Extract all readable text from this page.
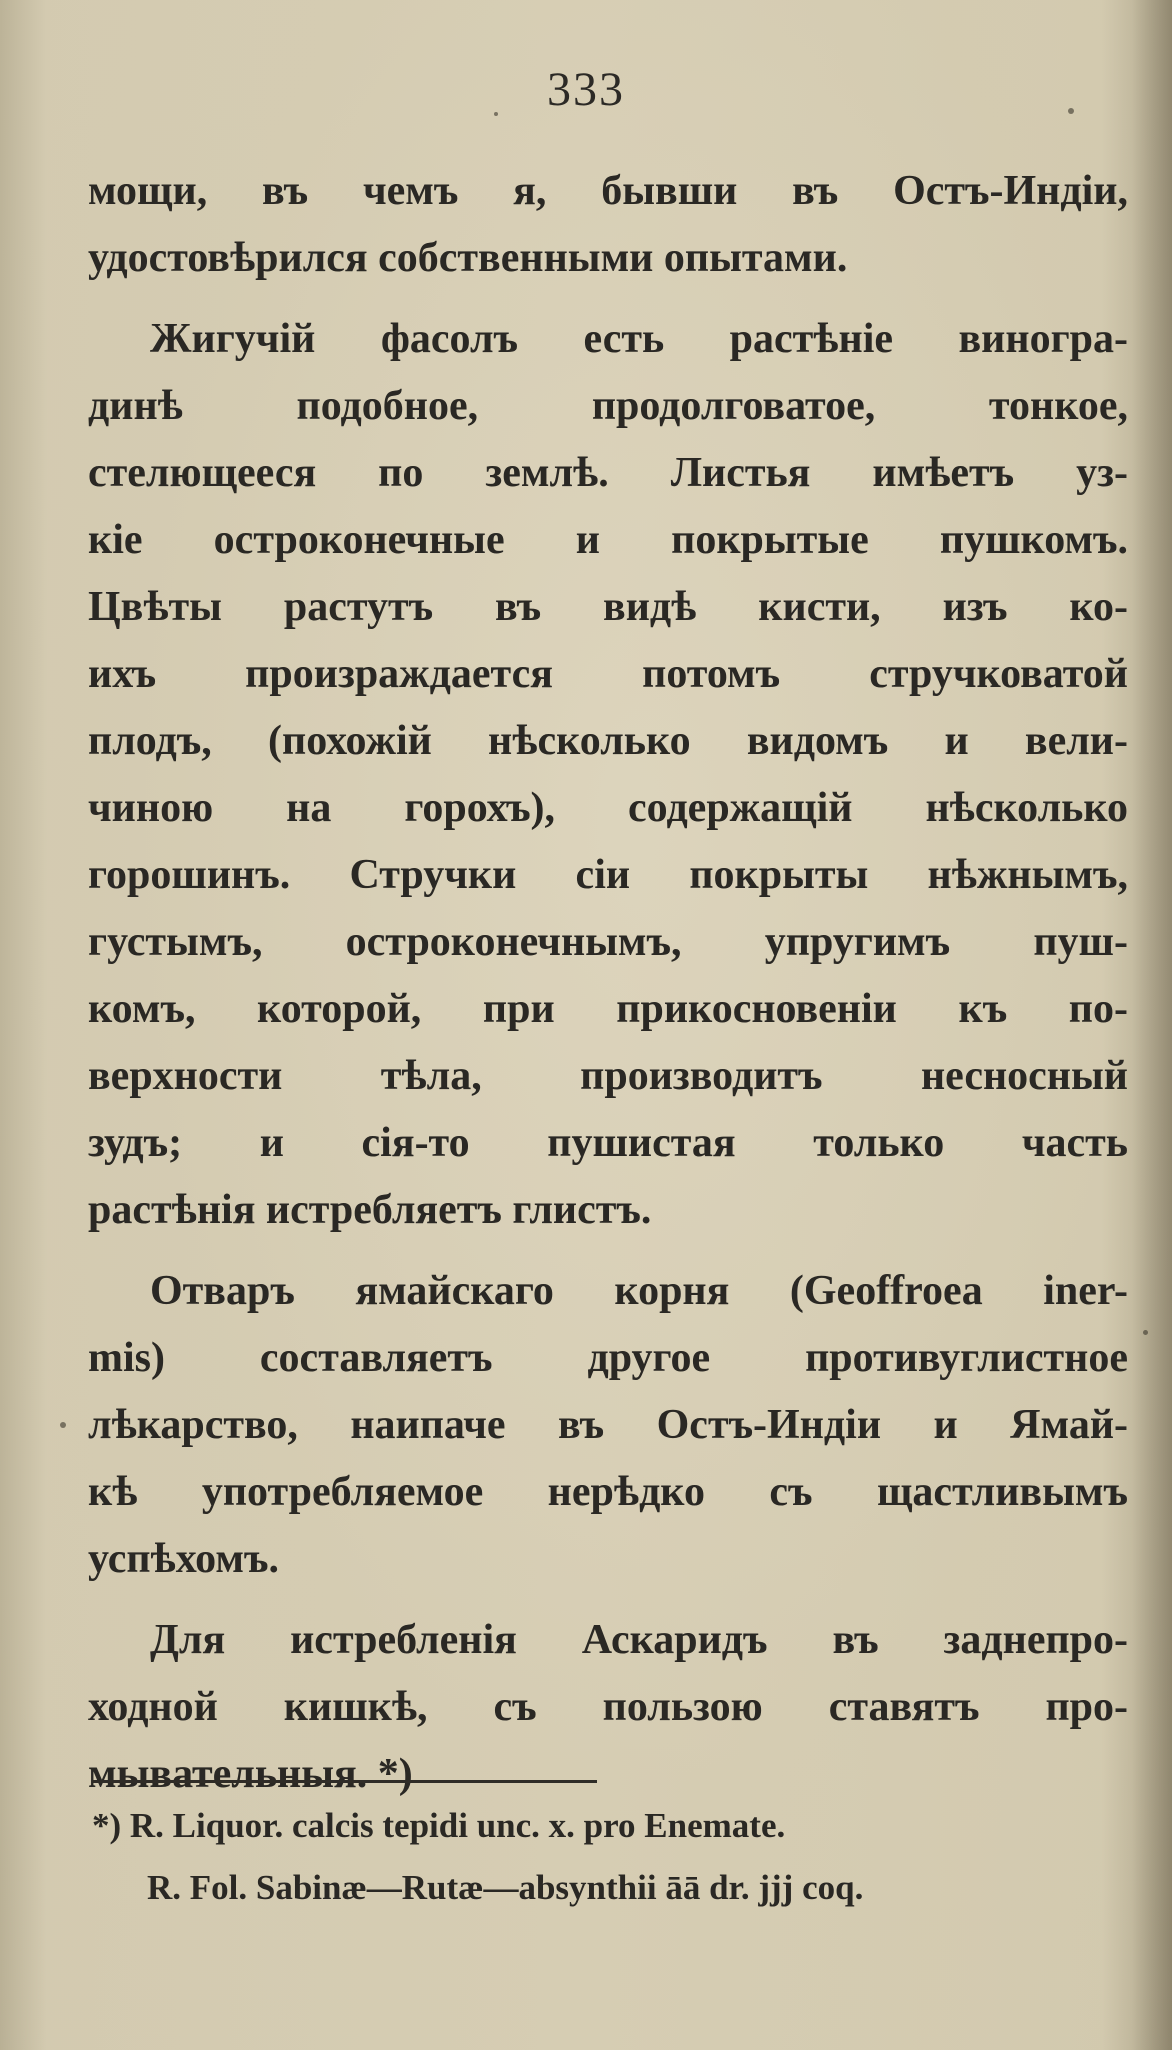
333
мощи, въ чемъ я, бывши въ Остъ-Индіи,
удостовѣрился собственными опытами.
Жигучій фасолъ есть растѣніе виногра-
динѣ подобное, продолговатое, тонкое,
стелющееся по землѣ. Листья имѣетъ уз-
кіе остроконечные и покрытые пушкомъ.
Цвѣты растутъ въ видѣ кисти, изъ ко-
ихъ произраждается потомъ стручковатой
плодъ, (похожій нѣсколько видомъ и вели-
чиною на горохъ), содержащій нѣсколько
горошинъ. Стручки сіи покрыты нѣжнымъ,
густымъ, остроконечнымъ, упругимъ пуш-
комъ, которой, при прикосновеніи къ по-
верхности тѣла, производитъ несносный
зудъ; и сія-то пушистая только часть
растѣнія истребляетъ глистъ.
Отваръ ямайскаго корня (Geoffroea iner-
mis) составляетъ другое противуглистное
лѣкарство, наипаче въ Остъ-Индіи и Ямай-
кѣ употребляемое нерѣдко съ щастливымъ
успѣхомъ.
Для истребленія Аскаридъ въ заднепро-
ходной кишкѣ, съ пользою ставятъ про-
мывательныя. *)
*) R. Liquor. calcis tepidi unc. x. pro Enemate.
R. Fol. Sabinæ—Rutæ—absynthii āā dr. jjj coq.
